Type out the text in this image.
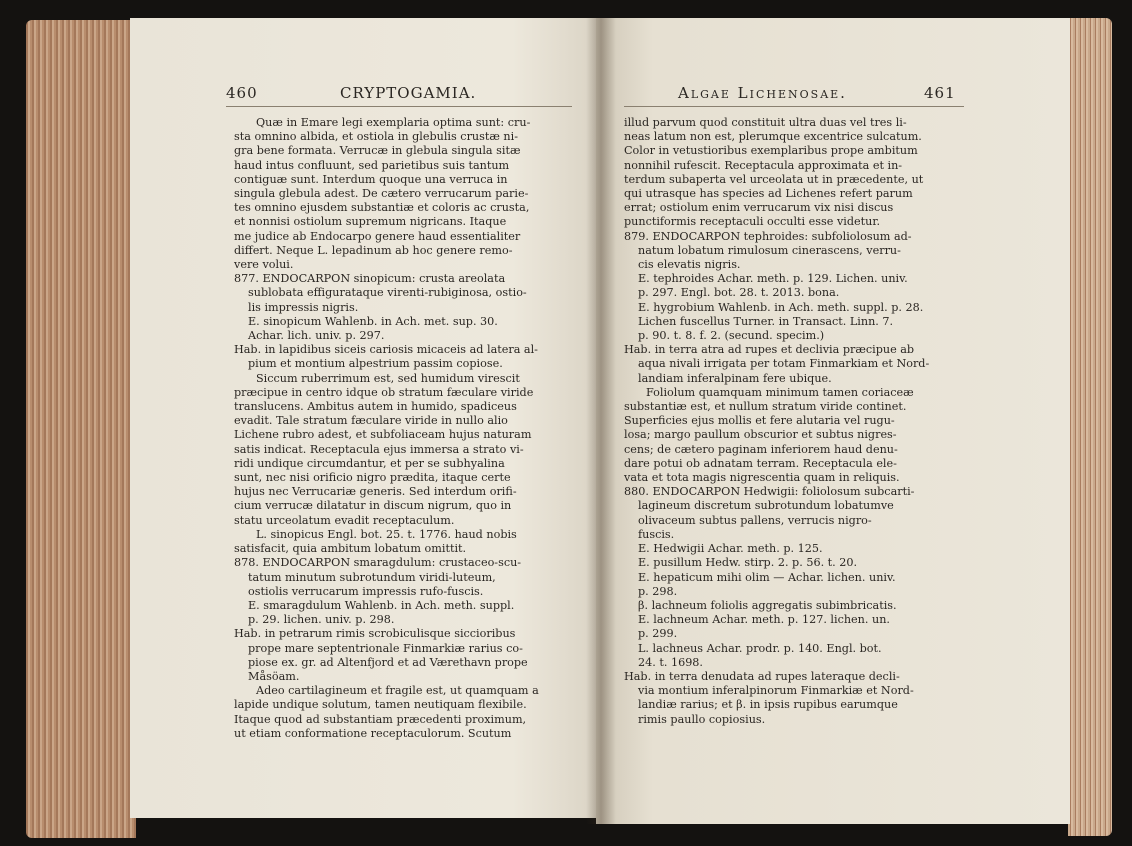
460	CRYPTOGAMIA.

Quæ in Emare legi exemplaria optima sunt: cru-

sta omnino albida, et ostiola in glebulis crustæ ni-

gra bene formata. Verrucæ in glebula singula sitæ

haud intus confluunt, sed parietibus suis tantum

contiguæ sunt. Interdum quoque una verruca in

singula glebula adest. De cætero verrucarum parie-

tes omnino ejusdem substantiæ et coloris ac crusta,

et nonnisi ostiolum supremum nigricans. Itaque

me judice ab Endocarpo genere haud essentialiter

differt. Neque L. lepadinum ab hoc genere remo-

vere volui.

877. ENDOCARPON sinopicum: crusta areolata

sublobata effigurataque virenti-rubiginosa, ostio-

lis impressis nigris.

E. sinopicum Wahlenb. in Ach. met. sup. 30.

Achar. lich. univ. p. 297.

Hab. in lapidibus siceis cariosis micaceis ad latera al-

pium et montium alpestrium passim copiose.

Siccum ruberrimum est, sed humidum virescit

præcipue in centro idque ob stratum fæculare viride

translucens. Ambitus autem in humido, spadiceus

evadit. Tale stratum fæculare viride in nullo alio

Lichene rubro adest, et subfoliaceam hujus naturam

satis indicat. Receptacula ejus immersa a strato vi-

ridi undique circumdantur, et per se subhyalina

sunt, nec nisi orificio nigro prædita, itaque certe

hujus nec Verrucariæ generis. Sed interdum orifi-

cium verrucæ dilatatur in discum nigrum, quo in

statu urceolatum evadit receptaculum.

L. sinopicus Engl. bot. 25. t. 1776. haud nobis

satisfacit, quia ambitum lobatum omittit.

878. ENDOCARPON smaragdulum: crustaceo-scu-

tatum minutum subrotundum viridi-luteum,

ostiolis verrucarum impressis rufo-fuscis.

E. smaragdulum Wahlenb. in Ach. meth. suppl.

p. 29. lichen. univ. p. 298.

Hab. in petrarum rimis scrobiculisque siccioribus

prope mare septentrionale Finmarkiæ rarius co-

piose ex. gr. ad Altenfjord et ad Værethavn prope

Måsöam.

Adeo cartilagineum et fragile est, ut quamquam a

lapide undique solutum, tamen neutiquam flexibile.

Itaque quod ad substantiam præcedenti proximum,

ut etiam conformatione receptaculorum. Scutum

Algae Lichenosae.	461

illud parvum quod constituit ultra duas vel tres li-

neas latum non est, plerumque excentrice sulcatum.

Color in vetustioribus exemplaribus prope ambitum

nonnihil rufescit. Receptacula approximata et in-

terdum subaperta vel urceolata ut in præcedente, ut

qui utrasque has species ad Lichenes refert parum

errat; ostiolum enim verrucarum vix nisi discus

punctiformis receptaculi occulti esse videtur.

879. ENDOCARPON tephroides: subfoliolosum ad-

natum lobatum rimulosum cinerascens, verru-

cis elevatis nigris.

E. tephroides Achar. meth. p. 129. Lichen. univ.

p. 297. Engl. bot. 28. t. 2013. bona.

E. hygrobium Wahlenb. in Ach. meth. suppl. p. 28.

Lichen fuscellus Turner. in Transact. Linn. 7.

p. 90. t. 8. f. 2. (secund. specim.)

Hab. in terra atra ad rupes et declivia præcipue ab

aqua nivali irrigata per totam Finmarkiam et Nord-

landiam inferalpinam fere ubique.

Foliolum quamquam minimum tamen coriaceæ

substantiæ est, et nullum stratum viride continet.

Superficies ejus mollis et fere alutaria vel rugu-

losa; margo paullum obscurior et subtus nigres-

cens; de cætero paginam inferiorem haud denu-

dare potui ob adnatam terram. Receptacula ele-

vata et tota magis nigrescentia quam in reliquis.

880. ENDOCARPON Hedwigii: foliolosum subcarti-

lagineum discretum subrotundum lobatumve

olivaceum subtus pallens, verrucis nigro-

fuscis.

E. Hedwigii Achar. meth. p. 125.

E. pusillum Hedw. stirp. 2. p. 56. t. 20.

E. hepaticum mihi olim — Achar. lichen. univ.

p. 298.

β. lachneum foliolis aggregatis subimbricatis.

E. lachneum Achar. meth. p. 127. lichen. un.

p. 299.

L. lachneus Achar. prodr. p. 140. Engl. bot.

24. t. 1698.

Hab. in terra denudata ad rupes lateraque decli-

via montium inferalpinorum Finmarkiæ et Nord-

landiæ rarius; et β. in ipsis rupibus earumque

rimis paullo copiosius.
